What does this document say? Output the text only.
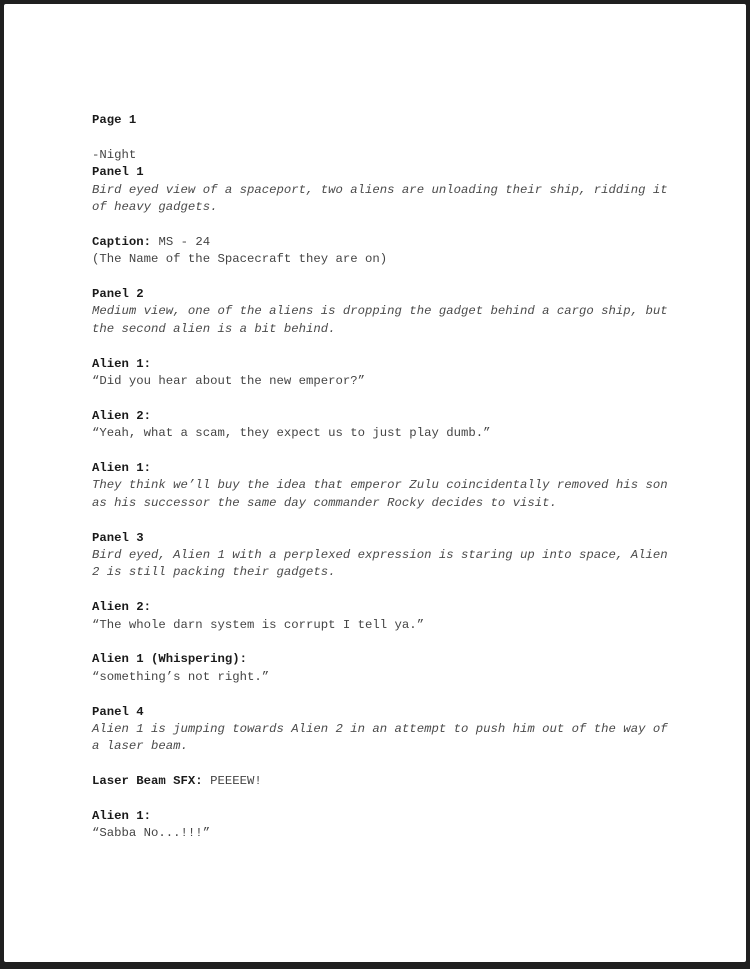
Page 1

-Night

Panel 1

Bird eyed view of a spaceport, two aliens are unloading their ship, ridding it of heavy gadgets.

Caption: MS - 24

(The Name of the Spacecraft they are on)

Panel 2

Medium view, one of the aliens is dropping the gadget behind a cargo ship, but the second alien is a bit behind.

Alien 1:

“Did you hear about the new emperor?”

Alien 2:

“Yeah, what a scam, they expect us to just play dumb.”

Alien 1:

They think we’ll buy the idea that emperor Zulu coincidentally removed his son as his successor the same day commander Rocky decides to visit.

Panel 3

Bird eyed, Alien 1 with a perplexed expression is staring up into space, Alien 2 is still packing their gadgets.

Alien 2:

“The whole darn system is corrupt I tell ya.”

Alien 1 (Whispering):

“something’s not right.”

Panel 4

Alien 1 is jumping towards Alien 2 in an attempt to push him out of the way of a laser beam.

Laser Beam SFX: PEEEEW!

Alien 1:

“Sabba No...!!!”
